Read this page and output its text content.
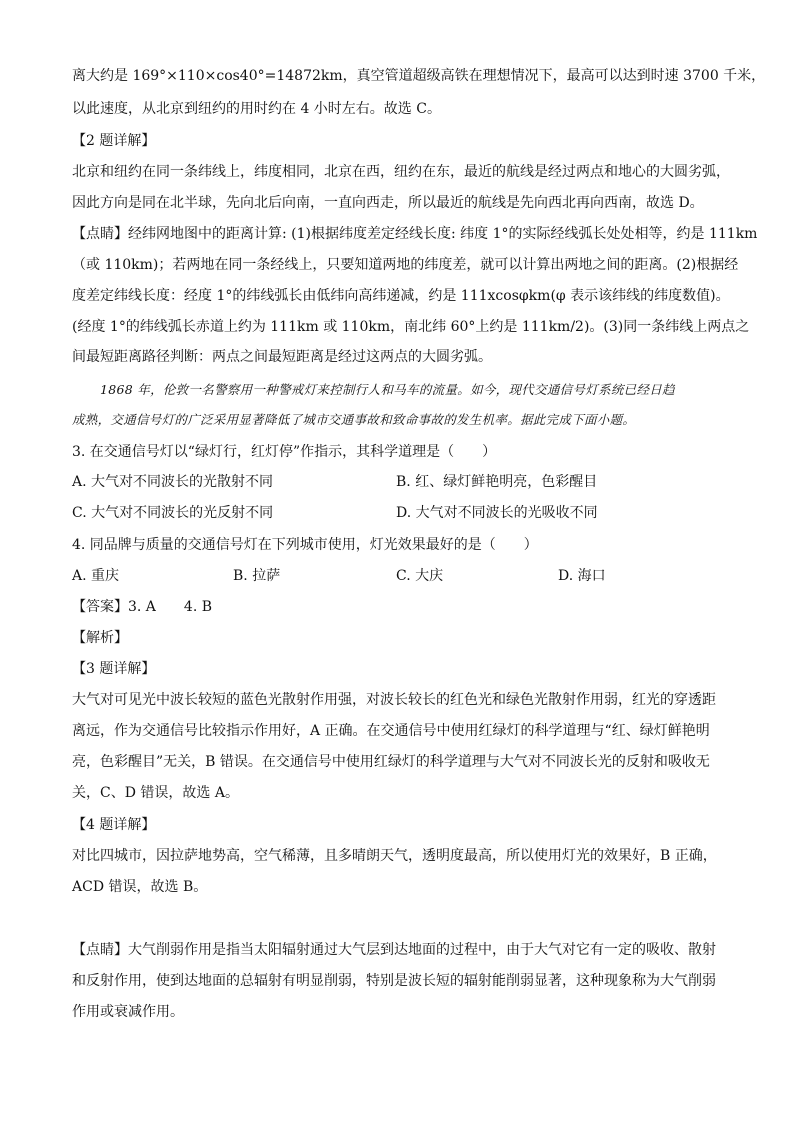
离大约是 169°×110×cos40°=14872km，真空管道超级高铁在理想情况下，最高可以达到时速 3700 千米，
以此速度，从北京到纽约的用时约在 4 小时左右。故选 C。
【2 题详解】
北京和纽约在同一条纬线上，纬度相同，北京在西，纽约在东，最近的航线是经过两点和地心的大圆劣弧，
因此方向是同在北半球，先向北后向南，一直向西走，所以最近的航线是先向西北再向西南，故选 D。
【点睛】经纬网地图中的距离计算: (1)根据纬度差定经线长度: 纬度 1°的实际经线弧长处处相等，约是 111km
（或 110km)；若两地在同一条经线上，只要知道两地的纬度差，就可以计算出两地之间的距离。(2)根据经
度差定纬线长度：经度 1°的纬线弧长由低纬向高纬递减，约是 111xcosφkm(φ 表示该纬线的纬度数值)。
(经度 1°的纬线弧长赤道上约为 111km 或 110km，南北纬 60°上约是 111km/2)。(3)同一条纬线上两点之
间最短距离路径判断：两点之间最短距离是经过这两点的大圆劣弧。
1868 年，伦敦一名警察用一种警戒灯来控制行人和马车的流量。如今，现代交通信号灯系统已经日趋
成熟，交通信号灯的广泛采用显著降低了城市交通事故和致命事故的发生机率。据此完成下面小题。
3. 在交通信号灯以“绿灯行，红灯停”作指示，其科学道理是（　　）
A. 大气对不同波长的光散射不同	B. 红、绿灯鲜艳明亮，色彩醒目
C. 大气对不同波长的光反射不同	D. 大气对不同波长的光吸收不同
4. 同品牌与质量的交通信号灯在下列城市使用，灯光效果最好的是（　　）
A. 重庆	B. 拉萨	C. 大庆	D. 海口
【答案】3. A　　4. B
【解析】
【3 题详解】
大气对可见光中波长较短的蓝色光散射作用强，对波长较长的红色光和绿色光散射作用弱，红光的穿透距
离远，作为交通信号比较指示作用好，A 正确。在交通信号中使用红绿灯的科学道理与“红、绿灯鲜艳明
亮，色彩醒目”无关，B 错误。在交通信号中使用红绿灯的科学道理与大气对不同波长光的反射和吸收无
关，C、D 错误，故选 A。
【4 题详解】
对比四城市，因拉萨地势高，空气稀薄，且多晴朗天气，透明度最高，所以使用灯光的效果好，B 正确，
ACD 错误，故选 B。
【点睛】大气削弱作用是指当太阳辐射通过大气层到达地面的过程中，由于大气对它有一定的吸收、散射
和反射作用，使到达地面的总辐射有明显削弱，特别是波长短的辐射能削弱显著，这种现象称为大气削弱
作用或衰减作用。
